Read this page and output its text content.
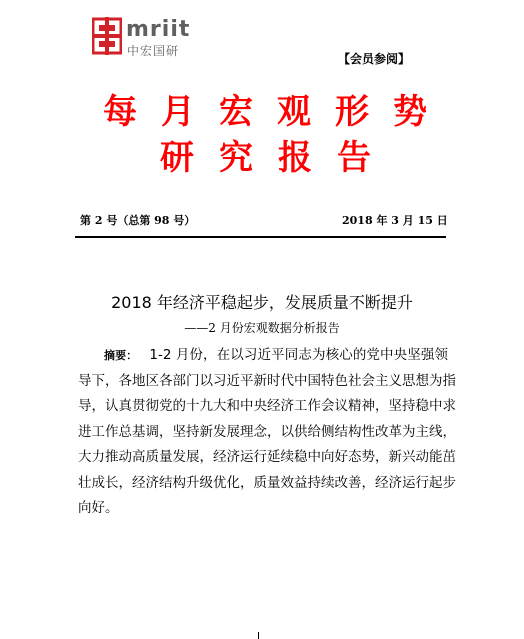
mriit
中宏国研
【会员参阅】
每月宏观形势
研究报告
第 2 号（总第 98 号）	2018 年 3 月 15 日
2018 年经济平稳起步，发展质量不断提升
——2 月份宏观数据分析报告
摘要： 1-2 月份，在以习近平同志为核心的党中央坚强领
导下，各地区各部门以习近平新时代中国特色社会主义思想为指
导，认真贯彻党的十九大和中央经济工作会议精神，坚持稳中求
进工作总基调，坚持新发展理念，以供给侧结构性改革为主线，
大力推动高质量发展，经济运行延续稳中向好态势，新兴动能茁
壮成长，经济结构升级优化，质量效益持续改善，经济运行起步
向好。
